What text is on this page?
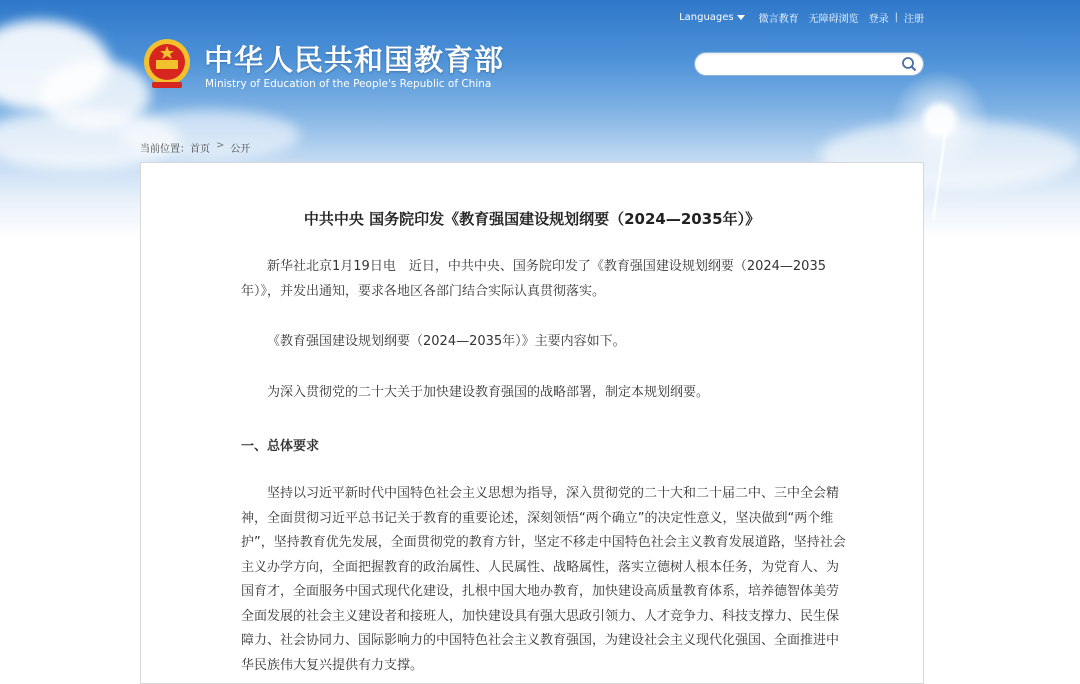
Languages	微言教育 无障碍浏览 登录 | 注册
中华人民共和国教育部
Ministry of Education of the People's Republic of China
当前位置： 首页 > 公开
中共中央 国务院印发《教育强国建设规划纲要（2024—2035年）》

新华社北京1月19日电　近日，中共中央、国务院印发了《教育强国建设规划纲要（2024—2035年）》，并发出通知，要求各地区各部门结合实际认真贯彻落实。

《教育强国建设规划纲要（2024—2035年）》主要内容如下。

为深入贯彻党的二十大关于加快建设教育强国的战略部署，制定本规划纲要。

一、总体要求

坚持以习近平新时代中国特色社会主义思想为指导，深入贯彻党的二十大和二十届二中、三中全会精神，全面贯彻习近平总书记关于教育的重要论述，深刻领悟“两个确立”的决定性意义，坚决做到“两个维护”，坚持教育优先发展，全面贯彻党的教育方针，坚定不移走中国特色社会主义教育发展道路，坚持社会主义办学方向，全面把握教育的政治属性、人民属性、战略属性，落实立德树人根本任务，为党育人、为国育才，全面服务中国式现代化建设，扎根中国大地办教育，加快建设高质量教育体系，培养德智体美劳全面发展的社会主义建设者和接班人，加快建设具有强大思政引领力、人才竞争力、科技支撑力、民生保障力、社会协同力、国际影响力的中国特色社会主义教育强国，为建设社会主义现代化强国、全面推进中华民族伟大复兴提供有力支撑。
